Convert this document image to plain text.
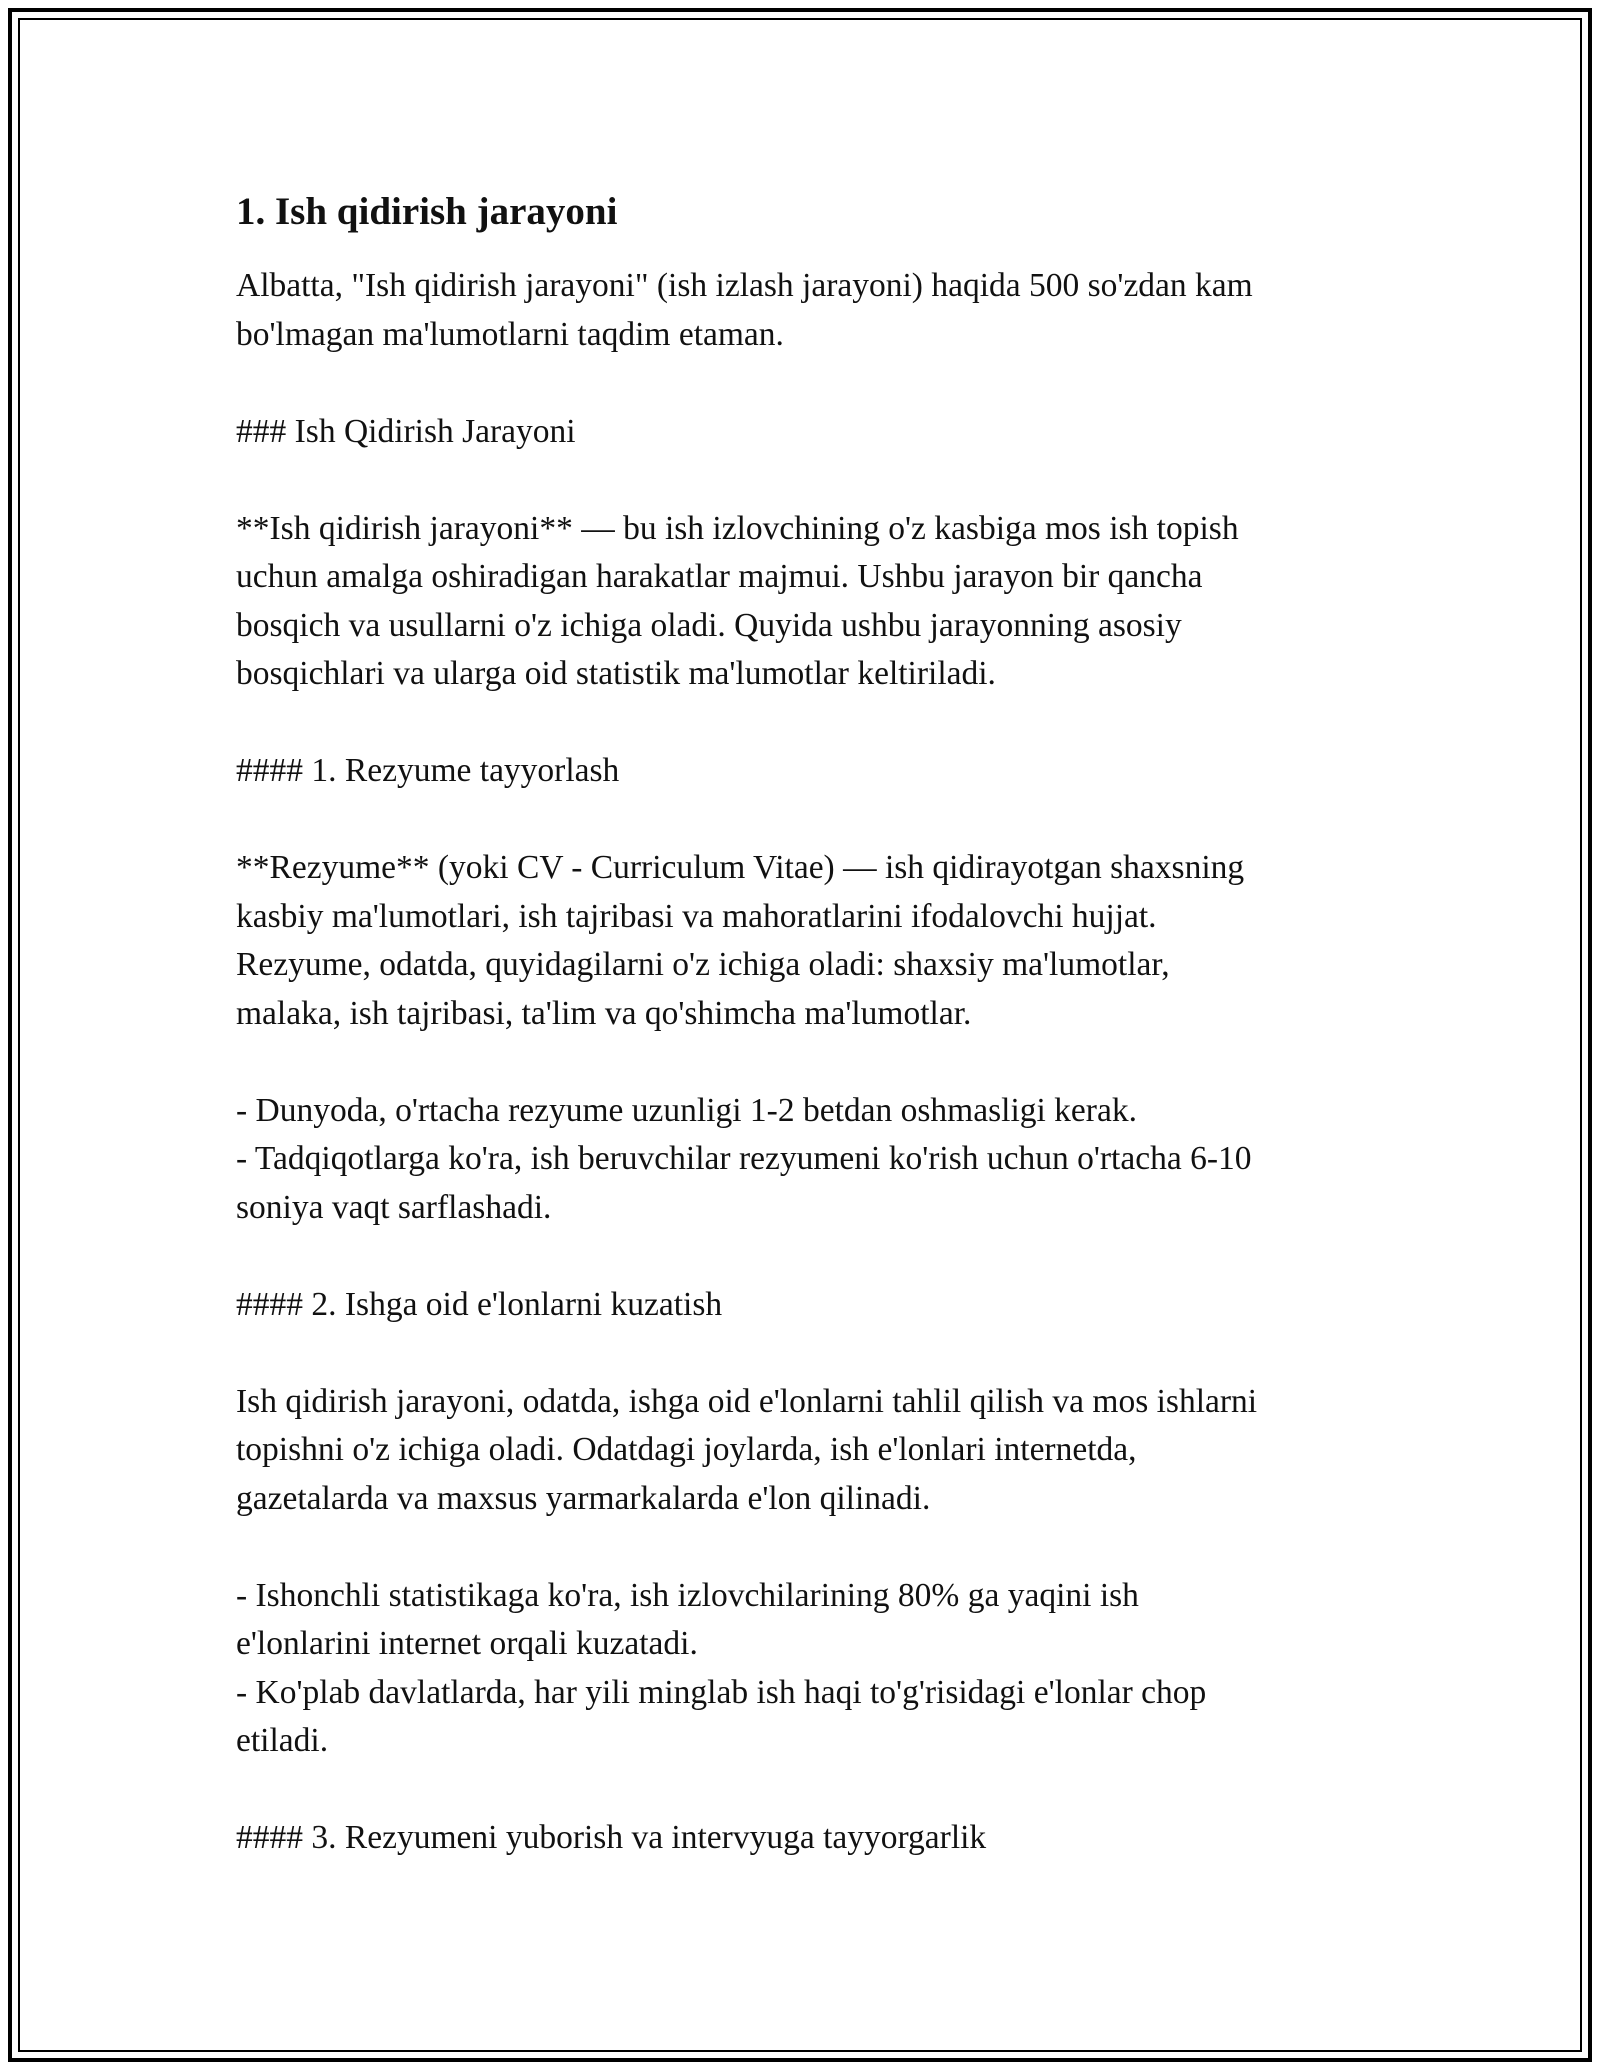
1. Ish qidirish jarayoni
Albatta, "Ish qidirish jarayoni" (ish izlash jarayoni) haqida 500 so'zdan kam
bo'lmagan ma'lumotlarni taqdim etaman.
### Ish Qidirish Jarayoni
**Ish qidirish jarayoni** — bu ish izlovchining o'z kasbiga mos ish topish
uchun amalga oshiradigan harakatlar majmui. Ushbu jarayon bir qancha
bosqich va usullarni o'z ichiga oladi. Quyida ushbu jarayonning asosiy
bosqichlari va ularga oid statistik ma'lumotlar keltiriladi.
#### 1. Rezyume tayyorlash
**Rezyume** (yoki CV - Curriculum Vitae) — ish qidirayotgan shaxsning
kasbiy ma'lumotlari, ish tajribasi va mahoratlarini ifodalovchi hujjat.
Rezyume, odatda, quyidagilarni o'z ichiga oladi: shaxsiy ma'lumotlar,
malaka, ish tajribasi, ta'lim va qo'shimcha ma'lumotlar.
- Dunyoda, o'rtacha rezyume uzunligi 1-2 betdan oshmasligi kerak.
- Tadqiqotlarga ko'ra, ish beruvchilar rezyumeni ko'rish uchun o'rtacha 6-10
soniya vaqt sarflashadi.
#### 2. Ishga oid e'lonlarni kuzatish
Ish qidirish jarayoni, odatda, ishga oid e'lonlarni tahlil qilish va mos ishlarni
topishni o'z ichiga oladi. Odatdagi joylarda, ish e'lonlari internetda,
gazetalarda va maxsus yarmarkalarda e'lon qilinadi.
- Ishonchli statistikaga ko'ra, ish izlovchilarining 80% ga yaqini ish
e'lonlarini internet orqali kuzatadi.
- Ko'plab davlatlarda, har yili minglab ish haqi to'g'risidagi e'lonlar chop
etiladi.
#### 3. Rezyumeni yuborish va intervyuga tayyorgarlik
